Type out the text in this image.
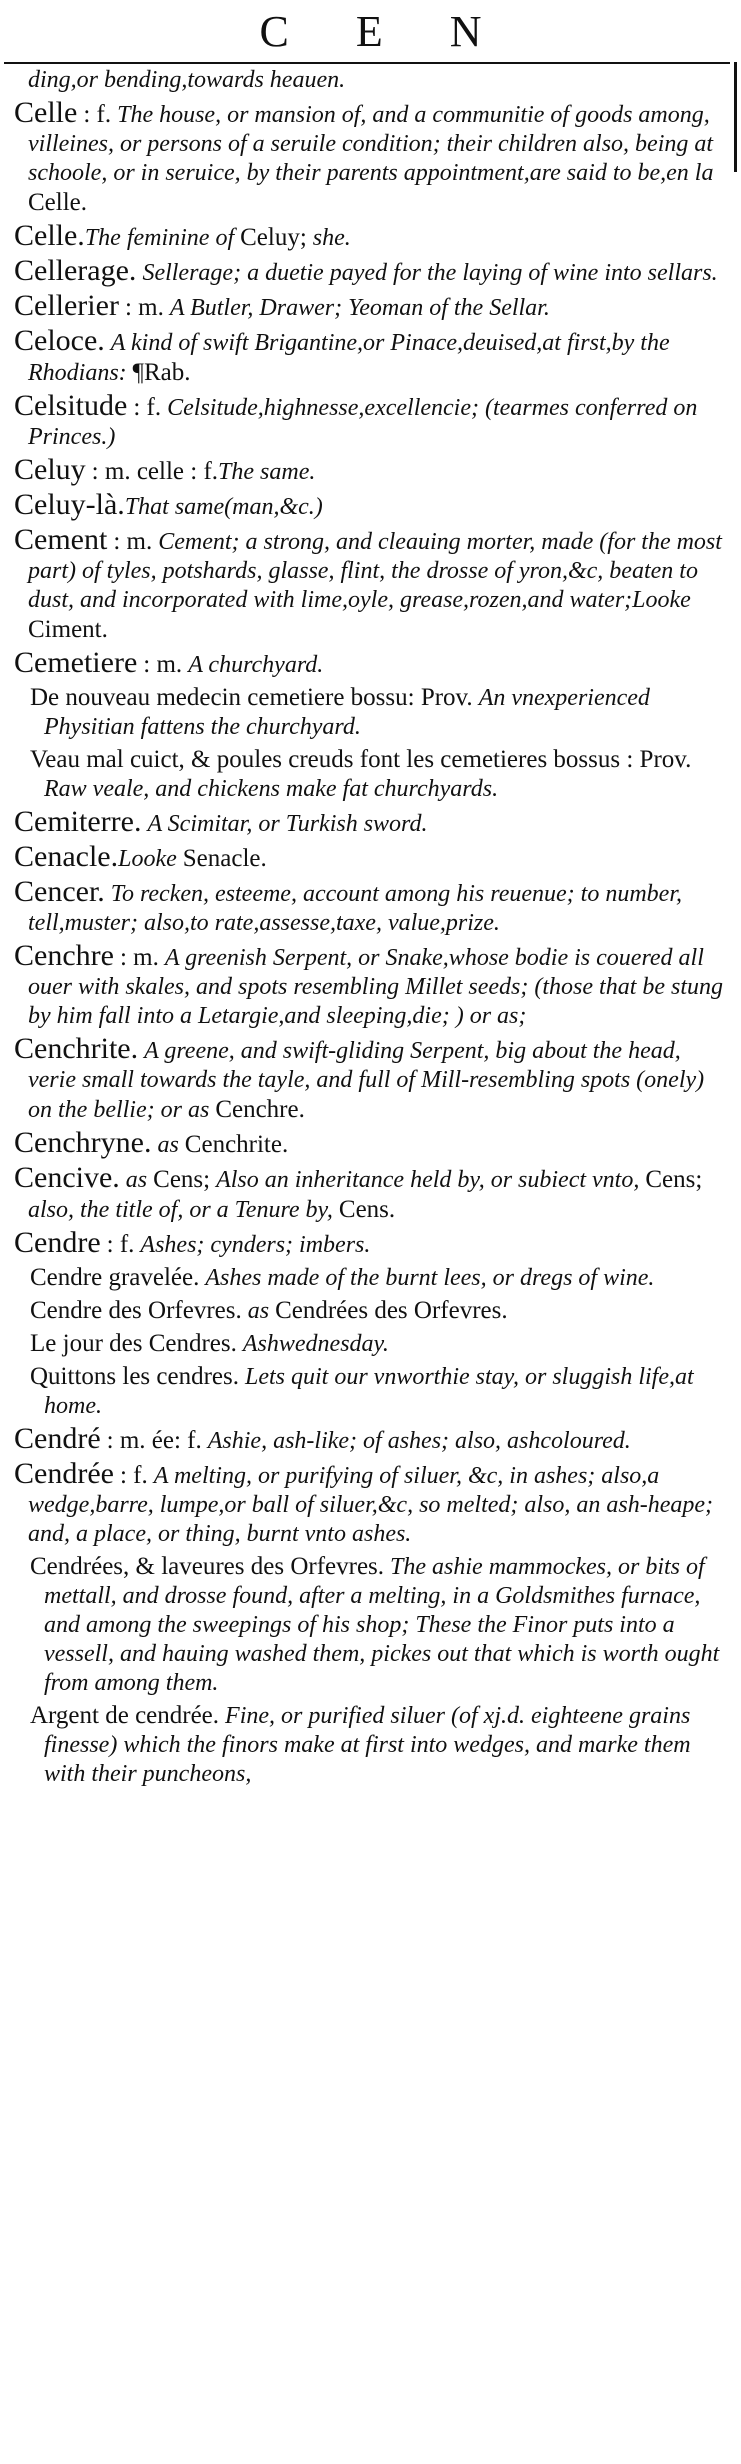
C E N

ding,or bending,towards heauen.

Celle : f. The house, or mansion of, and a communitie of goods among, villeines, or persons of a seruile condition; their children also, being at schoole, or in seruice, by their parents appointment,are said to be,en la Celle.

Celle.The feminine of Celuy; she.

Cellerage. Sellerage; a duetie payed for the laying of wine into sellars.

Cellerier : m. A Butler, Drawer; Yeoman of the Sellar.

Celoce. A kind of swift Brigantine,or Pinace,deuised,at first,by the Rhodians: ¶Rab.

Celsitude : f. Celsitude,highnesse,excellencie; (tearmes conferred on Princes.)

Celuy : m. celle : f.The same.

Celuy-là.That same(man,&c.)

Cement : m. Cement; a strong, and cleauing morter, made (for the most part) of tyles, potshards, glasse, flint, the drosse of yron,&c, beaten to dust, and incorporated with lime,oyle, grease,rozen,and water;Looke Ciment.

Cemetiere : m. A churchyard.

De nouveau medecin cemetiere bossu: Prov. An vnexperienced Physitian fattens the churchyard.

Veau mal cuict, & poules creuds font les cemetieres bossus : Prov. Raw veale, and chickens make fat churchyards.

Cemiterre. A Scimitar, or Turkish sword.

Cenacle.Looke Senacle.

Cencer. To recken, esteeme, account among his reuenue; to number, tell,muster; also,to rate,assesse,taxe, value,prize.

Cenchre : m. A greenish Serpent, or Snake,whose bodie is couered all ouer with skales, and spots resembling Millet seeds; (those that be stung by him fall into a Letargie,and sleeping,die; ) or as;

Cenchrite. A greene, and swift-gliding Serpent, big about the head, verie small towards the tayle, and full of Mill-resembling spots (onely) on the bellie; or as Cenchre.

Cenchryne. as Cenchrite.

Cencive. as Cens; Also an inheritance held by, or subiect vnto, Cens; also, the title of, or a Tenure by, Cens.

Cendre : f. Ashes; cynders; imbers.

Cendre gravelée. Ashes made of the burnt lees, or dregs of wine.

Cendre des Orfevres. as Cendrées des Orfevres.

Le jour des Cendres. Ashwednesday.

Quittons les cendres. Lets quit our vnworthie stay, or sluggish life,at home.

Cendré : m. ée: f. Ashie, ash-like; of ashes; also, ashcoloured.

Cendrée : f. A melting, or purifying of siluer, &c, in ashes; also,a wedge,barre, lumpe,or ball of siluer,&c, so melted; also, an ash-heape; and, a place, or thing, burnt vnto ashes.

Cendrées, & laveures des Orfevres. The ashie mammockes, or bits of mettall, and drosse found, after a melting, in a Goldsmithes furnace, and among the sweepings of his shop; These the Finor puts into a vessell, and hauing washed them, pickes out that which is worth ought from among them.

Argent de cendrée. Fine, or purified siluer (of xj.d. eighteene grains finesse) which the finors make at first into wedges, and marke them with their puncheons,
